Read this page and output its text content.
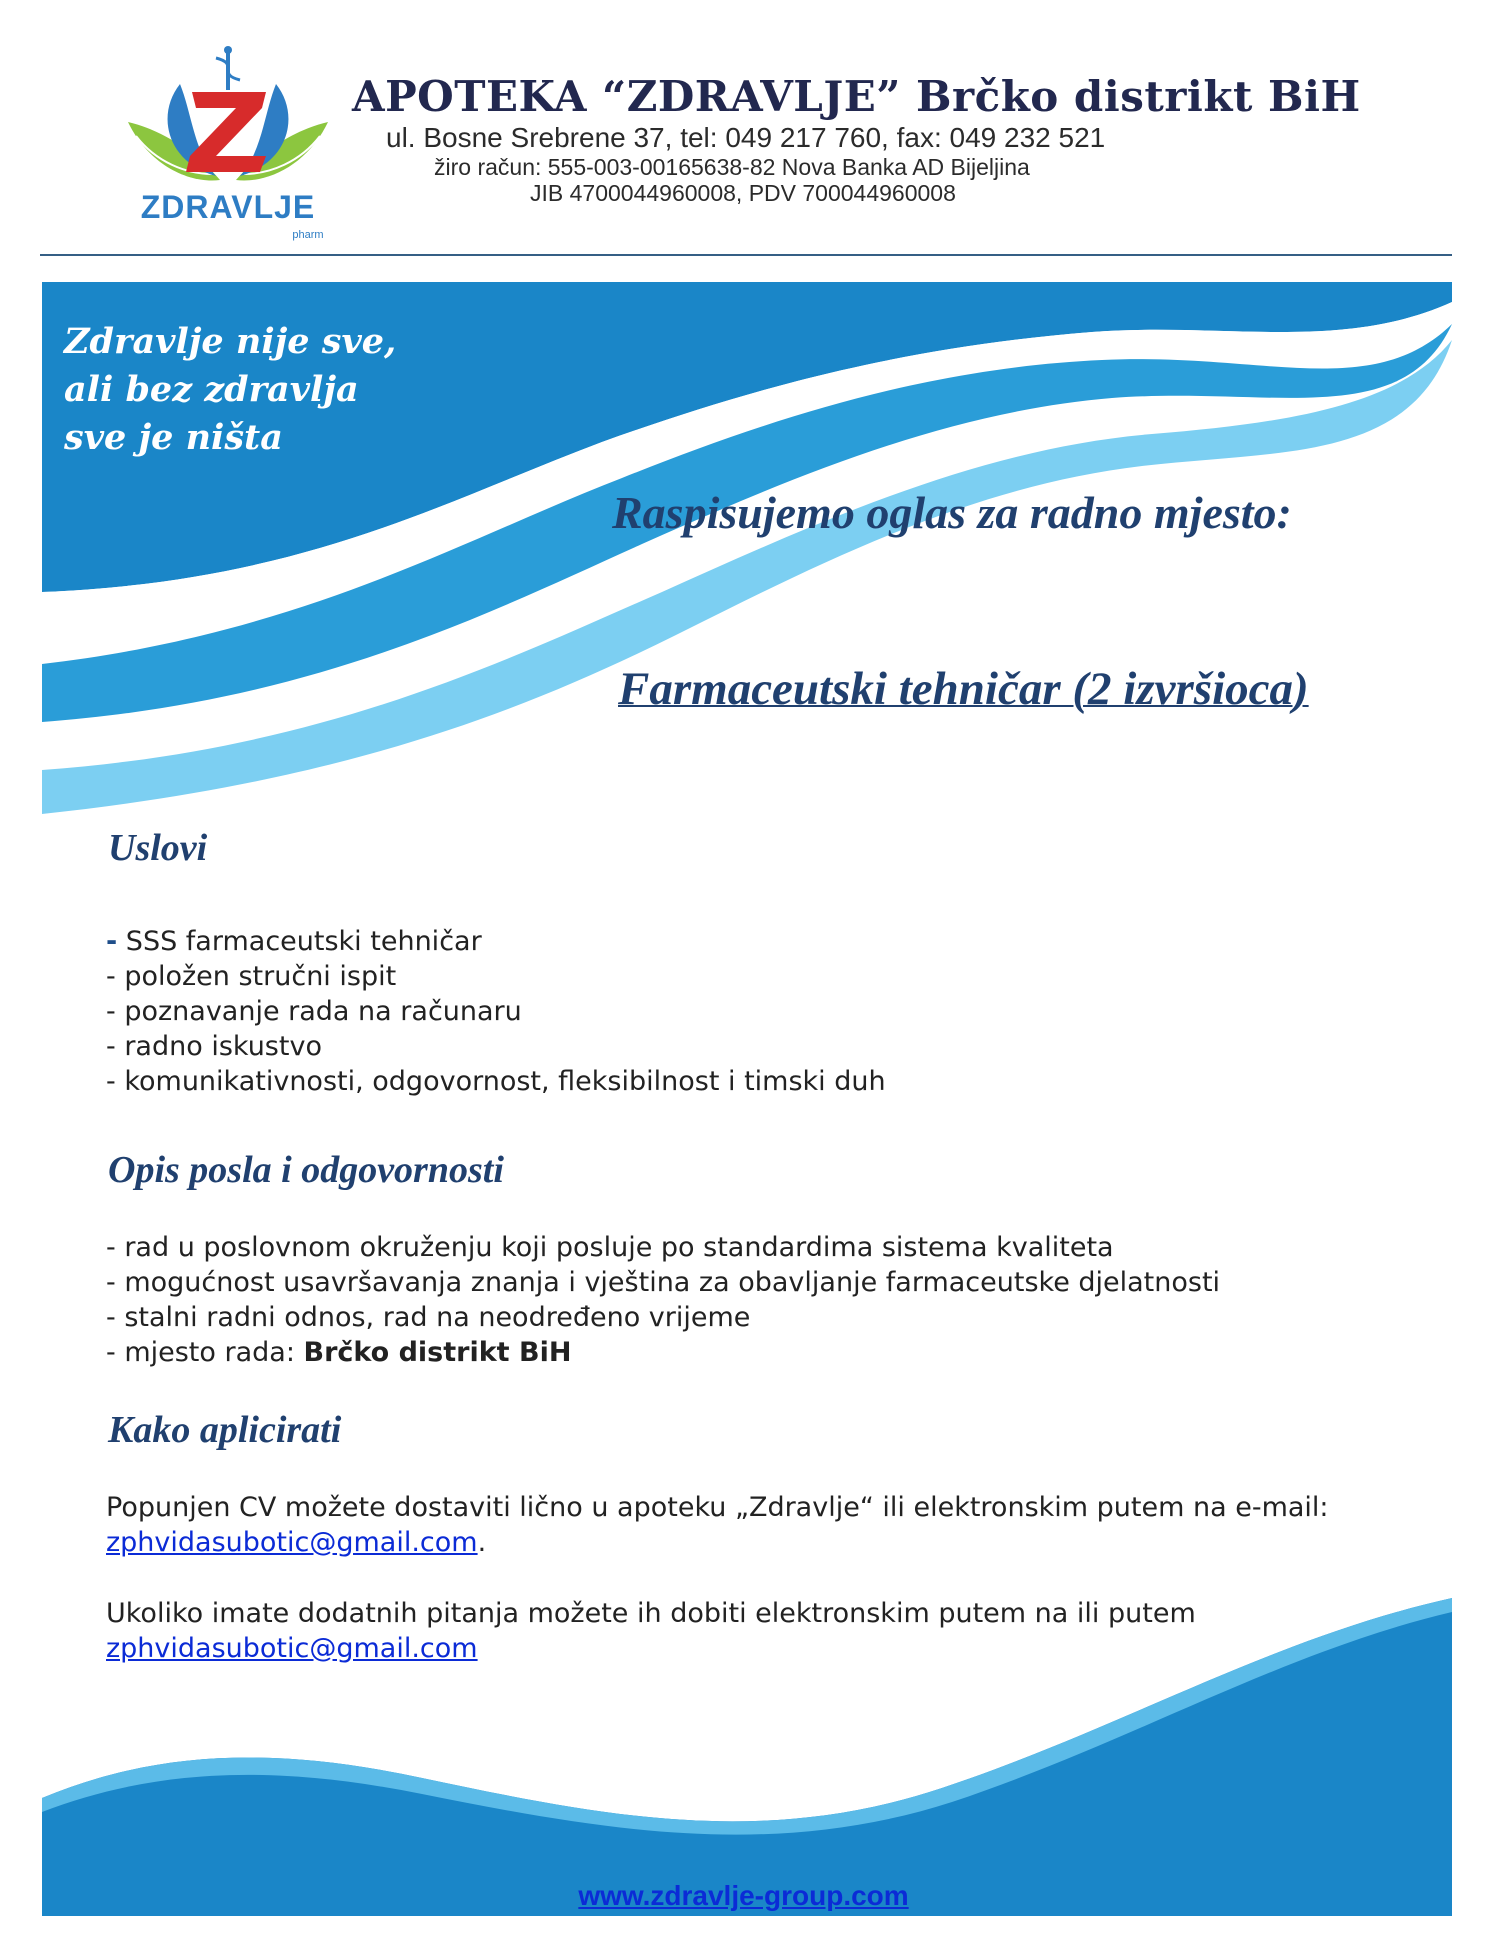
ZDRAVLJE
pharm
APOTEKA “ZDRAVLJE” Brčko distrikt BiH
ul. Bosne Srebrene 37, tel: 049 217 760, fax: 049 232 521
žiro račun: 555-003-00165638-82 Nova Banka AD Bijeljina
JIB 4700044960008, PDV 700044960008
Zdravlje nije sve,
ali bez zdravlja
sve je ništa
Raspisujemo oglas za radno mjesto:
Farmaceutski tehničar (2 izvršioca)
Uslovi
- SSS farmaceutski tehničar
- položen stručni ispit
- poznavanje rada na računaru
- radno iskustvo
- komunikativnosti, odgovornost, fleksibilnost i timski duh
Opis posla i odgovornosti
- rad u poslovnom okruženju koji posluje po standardima sistema kvaliteta
- mogućnost usavršavanja znanja i vještina za obavljanje farmaceutske djelatnosti
- stalni radni odnos, rad na neodređeno vrijeme
- mjesto rada: Brčko distrikt BiH
Kako aplicirati
Popunjen CV možete dostaviti lično u apoteku „Zdravlje“ ili elektronskim putem na e-mail: zphvidasubotic@gmail.com.
Ukoliko imate dodatnih pitanja možete ih dobiti elektronskim putem na ili putem zphvidasubotic@gmail.com
www.zdravlje-group.com
